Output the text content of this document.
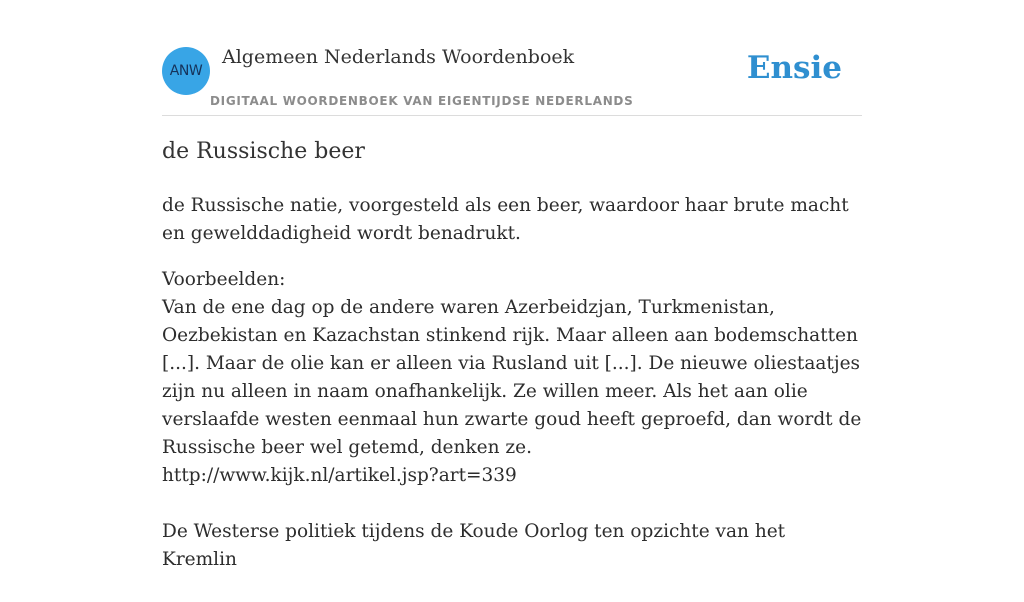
ANW
Algemeen Nederlands Woordenboek
DIGITAAL WOORDENBOEK VAN EIGENTIJDSE NEDERLANDS
Ensie
de Russische beer

de Russische natie, voorgesteld als een beer, waardoor haar brute macht en gewelddadigheid wordt benadrukt.

Voorbeelden:
Van de ene dag op de andere waren Azerbeidzjan, Turkmenistan, Oezbekistan en Kazachstan stinkend rijk. Maar alleen aan bodemschatten [...]. Maar de olie kan er alleen via Rusland uit [...]. De nieuwe oliestaatjes zijn nu alleen in naam onafhankelijk. Ze willen meer. Als het aan olie verslaafde westen eenmaal hun zwarte goud heeft geproefd, dan wordt de Russische beer wel getemd, denken ze.
http://www.kijk.nl/artikel.jsp?art=339

De Westerse politiek tijdens de Koude Oorlog ten opzichte van het Kremlin
